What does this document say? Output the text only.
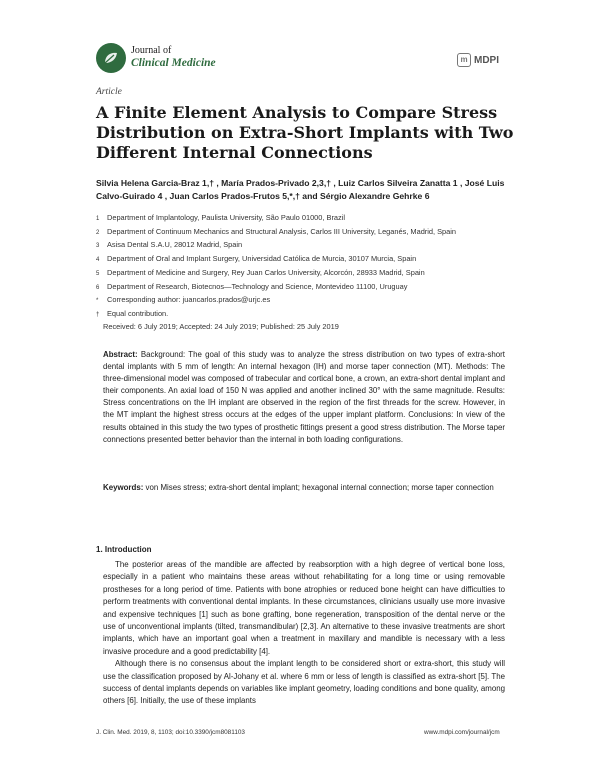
Journal of
Clinical Medicine	m MDPI
Article
A Finite Element Analysis to Compare Stress Distribution on Extra-Short Implants with Two Different Internal Connections
Silvia Helena Garcia-Braz 1,† , María Prados-Privado 2,3,† , Luiz Carlos Silveira Zanatta 1 , José Luis Calvo-Guirado 4 , Juan Carlos Prados-Frutos 5,*,† and Sérgio Alexandre Gehrke 6
1	Department of Implantology, Paulista University, São Paulo 01000, Brazil
2	Department of Continuum Mechanics and Structural Analysis, Carlos III University, Leganés, Madrid, Spain
3	Asisa Dental S.A.U, 28012 Madrid, Spain
4	Department of Oral and Implant Surgery, Universidad Católica de Murcia, 30107 Murcia, Spain
5	Department of Medicine and Surgery, Rey Juan Carlos University, Alcorcón, 28933 Madrid, Spain
6	Department of Research, Biotecnos—Technology and Science, Montevideo 11100, Uruguay
*	Corresponding author: juancarlos.prados@urjc.es
†	Equal contribution.
Received: 6 July 2019; Accepted: 24 July 2019; Published: 25 July 2019
Abstract: Background: The goal of this study was to analyze the stress distribution on two types of extra-short dental implants with 5 mm of length: An internal hexagon (IH) and morse taper connection (MT). Methods: The three-dimensional model was composed of trabecular and cortical bone, a crown, an extra-short dental implant and their components. An axial load of 150 N was applied and another inclined 30° with the same magnitude. Results: Stress concentrations on the IH implant are observed in the region of the first threads for the screw. However, in the MT implant the highest stress occurs at the edges of the upper implant platform. Conclusions: In view of the results obtained in this study the two types of prosthetic fittings present a good stress distribution. The Morse taper connections presented better behavior than the internal in both loading configurations.
Keywords: von Mises stress; extra-short dental implant; hexagonal internal connection; morse taper connection
1. Introduction

The posterior areas of the mandible are affected by reabsorption with a high degree of vertical bone loss, especially in a patient who maintains these areas without rehabilitating for a long time or using removable prostheses for a long period of time. Patients with bone atrophies or reduced bone height can have difficulties to perform treatments with conventional dental implants. In these circumstances, clinicians usually use more invasive and expensive techniques [1] such as bone grafting, bone regeneration, transposition of the dental nerve or the use of unconventional implants (tilted, transmandibular) [2,3]. An alternative to these invasive treatments are short implants, which have an important goal when a treatment in maxillary and mandible is necessary with a less invasive procedure and a good predictability [4].

Although there is no consensus about the implant length to be considered short or extra-short, this study will use the classification proposed by Al-Johany et al. where 6 mm or less of length is classified as extra-short [5]. The success of dental implants depends on variables like implant geometry, loading conditions and bone quality, among others [6]. Initially, the use of these implants

J. Clin. Med. 2019, 8, 1103; doi:10.3390/jcm8081103	www.mdpi.com/journal/jcm
